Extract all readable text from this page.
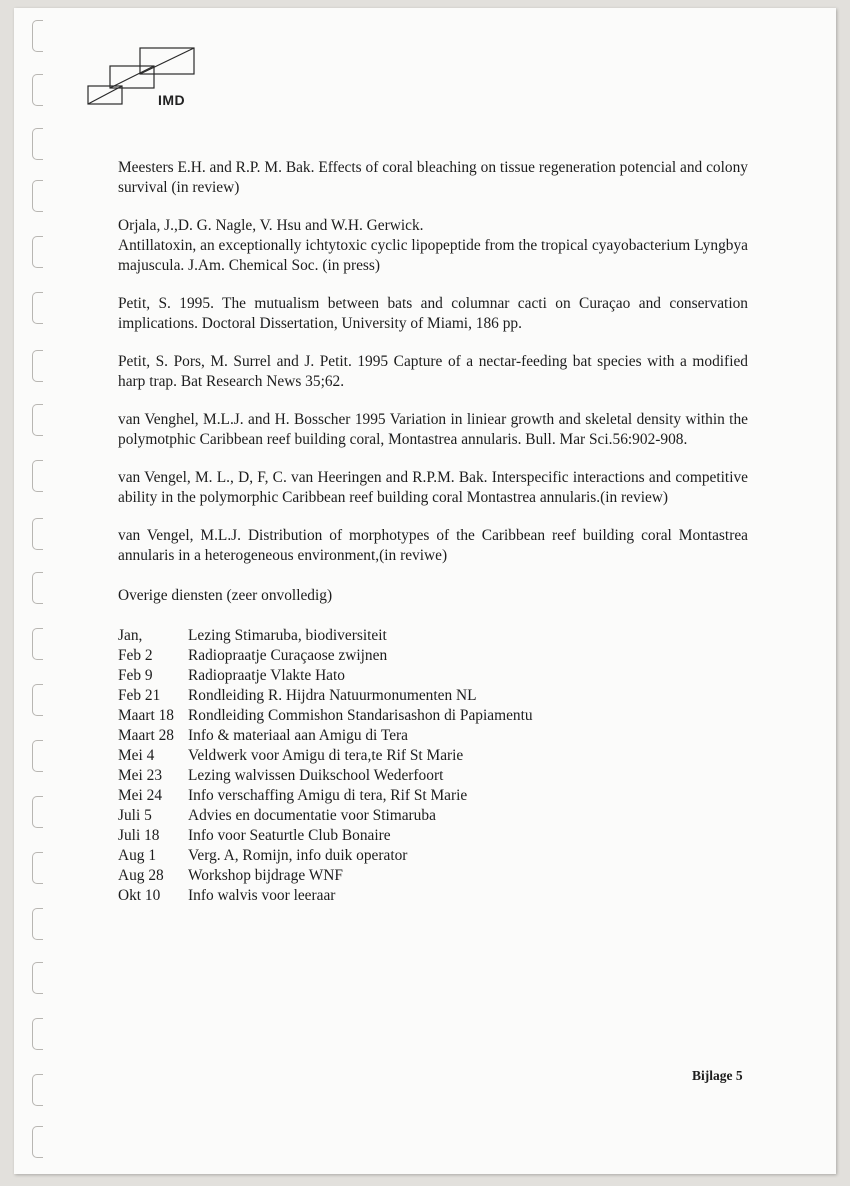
IMD

Meesters E.H. and R.P. M. Bak. Effects of coral bleaching on tissue regeneration potencial and colony survival (in review)

Orjala, J.,D. G. Nagle, V. Hsu and W.H. Gerwick.

Antillatoxin, an exceptionally ichtytoxic cyclic lipopeptide from the tropical cyayobacterium Lyngbya majuscula. J.Am. Chemical Soc. (in press)

Petit, S. 1995. The mutualism between bats and columnar cacti on Curaçao and conservation implications. Doctoral Dissertation, University of Miami, 186 pp.

Petit, S. Pors, M. Surrel and J. Petit. 1995 Capture of a nectar-feeding bat species with a modified harp trap. Bat Research News 35;62.

van Venghel, M.L.J. and H. Bosscher 1995 Variation in liniear growth and skeletal density within the polymotphic Caribbean reef building coral, Montastrea annularis. Bull. Mar Sci.56:902-908.

van Vengel, M. L., D, F, C. van Heeringen and R.P.M. Bak. Interspecific interactions and competitive ability in the polymorphic Caribbean reef building coral Montastrea annularis.(in review)

van Vengel, M.L.J. Distribution of morphotypes of the Caribbean reef building coral Montastrea annularis in a heterogeneous environment,(in reviwe)

Overige diensten (zeer onvolledig)

Jan,	Lezing Stimaruba, biodiversiteit
Feb 2	Radiopraatje Curaçaose zwijnen
Feb 9	Radiopraatje Vlakte Hato
Feb 21	Rondleiding R. Hijdra Natuurmonumenten NL
Maart 18	Rondleiding Commishon Standarisashon di Papiamentu
Maart 28	Info & materiaal aan Amigu di Tera
Mei 4	Veldwerk voor Amigu di tera,te Rif St Marie
Mei 23	Lezing walvissen Duikschool Wederfoort
Mei 24	Info verschaffing Amigu di tera, Rif St Marie
Juli 5	Advies en documentatie voor Stimaruba
Juli 18	Info voor Seaturtle Club Bonaire
Aug 1	Verg. A, Romijn, info duik operator
Aug 28	Workshop bijdrage WNF
Okt 10	Info walvis voor leeraar
Bijlage 5
